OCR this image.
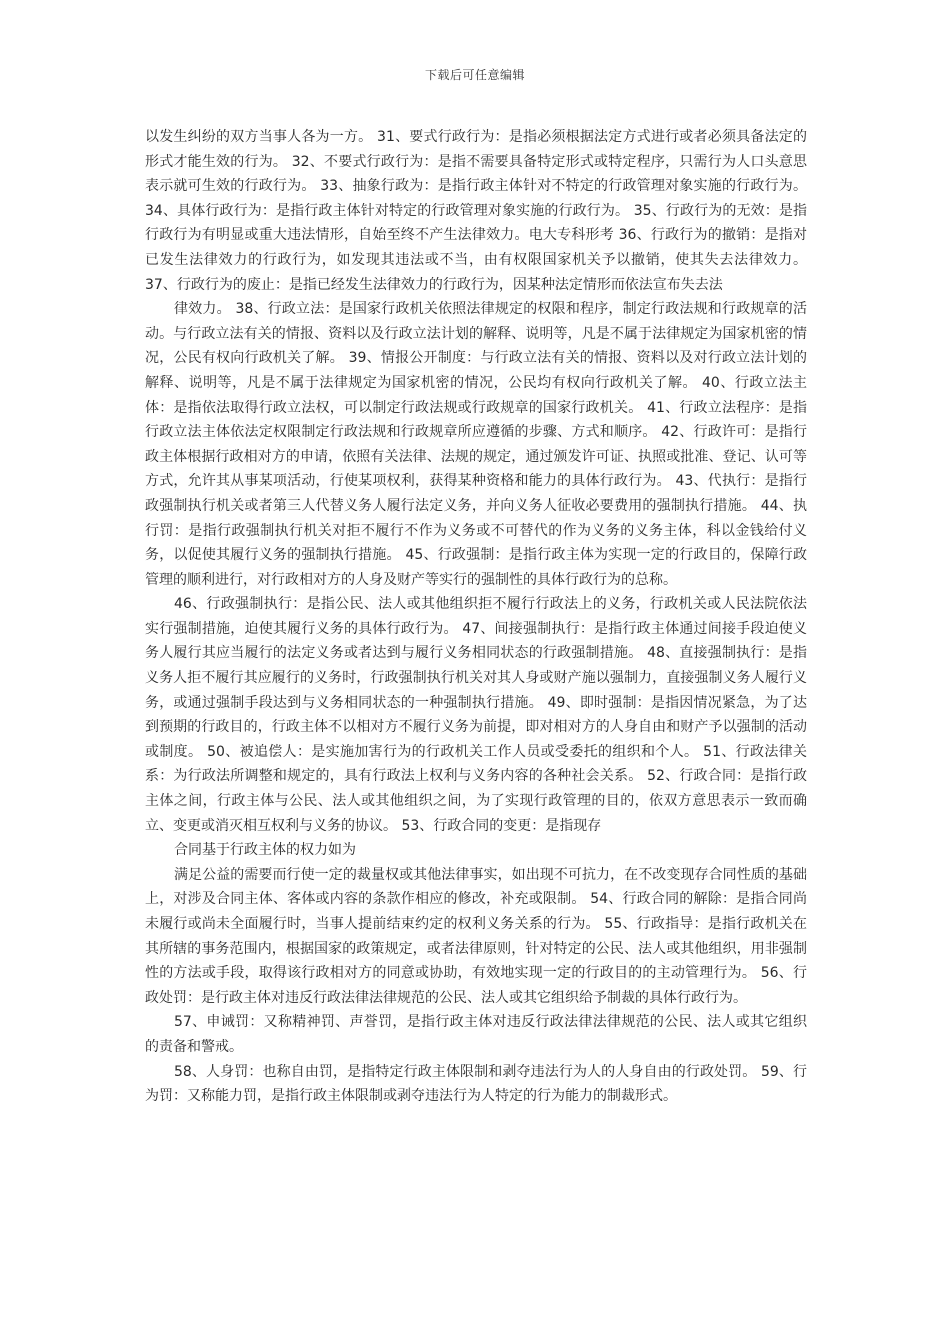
下载后可任意编辑

以发生纠纷的双方当事人各为一方。 31、要式行政行为：是指必须根据法定方式进行或者必须具备法定的形式才能生效的行为。 32、不要式行政行为：是指不需要具备特定形式或特定程序，只需行为人口头意思表示就可生效的行政行为。 33、抽象行政为：是指行政主体针对不特定的行政管理对象实施的行政行为。 34、具体行政行为：是指行政主体针对特定的行政管理对象实施的行政行为。 35、行政行为的无效：是指行政行为有明显或重大违法情形，自始至终不产生法律效力。电大专科形考 36、行政行为的撤销：是指对已发生法律效力的行政行为，如发现其违法或不当，由有权限国家机关予以撤销，使其失去法律效力。 37、行政行为的废止：是指已经发生法律效力的行政行为，因某种法定情形而依法宣布失去法

律效力。 38、行政立法：是国家行政机关依照法律规定的权限和程序，制定行政法规和行政规章的活动。与行政立法有关的情报、资料以及行政立法计划的解释、说明等，凡是不属于法律规定为国家机密的情况，公民有权向行政机关了解。 39、情报公开制度：与行政立法有关的情报、资料以及对行政立法计划的解释、说明等，凡是不属于法律规定为国家机密的情况，公民均有权向行政机关了解。 40、行政立法主体：是指依法取得行政立法权，可以制定行政法规或行政规章的国家行政机关。 41、行政立法程序：是指行政立法主体依法定权限制定行政法规和行政规章所应遵循的步骤、方式和顺序。 42、行政许可：是指行政主体根据行政相对方的申请，依照有关法律、法规的规定，通过颁发许可证、执照或批准、登记、认可等方式，允许其从事某项活动，行使某项权利，获得某种资格和能力的具体行政行为。 43、代执行：是指行政强制执行机关或者第三人代替义务人履行法定义务，并向义务人征收必要费用的强制执行措施。 44、执行罚：是指行政强制执行机关对拒不履行不作为义务或不可替代的作为义务的义务主体，科以金钱给付义务，以促使其履行义务的强制执行措施。 45、行政强制：是指行政主体为实现一定的行政目的，保障行政管理的顺利进行，对行政相对方的人身及财产等实行的强制性的具体行政行为的总称。

46、行政强制执行：是指公民、法人或其他组织拒不履行行政法上的义务，行政机关或人民法院依法实行强制措施，迫使其履行义务的具体行政行为。 47、间接强制执行：是指行政主体通过间接手段迫使义务人履行其应当履行的法定义务或者达到与履行义务相同状态的行政强制措施。 48、直接强制执行：是指义务人拒不履行其应履行的义务时，行政强制执行机关对其人身或财产施以强制力，直接强制义务人履行义务，或通过强制手段达到与义务相同状态的一种强制执行措施。 49、即时强制：是指因情况紧急，为了达到预期的行政目的，行政主体不以相对方不履行义务为前提，即对相对方的人身自由和财产予以强制的活动或制度。 50、被追偿人：是实施加害行为的行政机关工作人员或受委托的组织和个人。 51、行政法律关系：为行政法所调整和规定的，具有行政法上权利与义务内容的各种社会关系。 52、行政合同：是指行政主体之间，行政主体与公民、法人或其他组织之间，为了实现行政管理的目的，依双方意思表示一致而确立、变更或消灭相互权利与义务的协议。 53、行政合同的变更：是指现存

合同基于行政主体的权力如为

满足公益的需要而行使一定的裁量权或其他法律事实，如出现不可抗力，在不改变现存合同性质的基础上，对涉及合同主体、客体或内容的条款作相应的修改，补充或限制。 54、行政合同的解除：是指合同尚未履行或尚未全面履行时，当事人提前结束约定的权利义务关系的行为。 55、行政指导：是指行政机关在其所辖的事务范围内，根据国家的政策规定，或者法律原则，针对特定的公民、法人或其他组织，用非强制性的方法或手段，取得该行政相对方的同意或协助，有效地实现一定的行政目的的主动管理行为。 56、行政处罚：是行政主体对违反行政法律法律规范的公民、法人或其它组织给予制裁的具体行政行为。

57、申诫罚：又称精神罚、声誉罚，是指行政主体对违反行政法律法律规范的公民、法人或其它组织的责备和警戒。

58、人身罚：也称自由罚，是指特定行政主体限制和剥夺违法行为人的人身自由的行政处罚。 59、行为罚：又称能力罚，是指行政主体限制或剥夺违法行为人特定的行为能力的制裁形式。
